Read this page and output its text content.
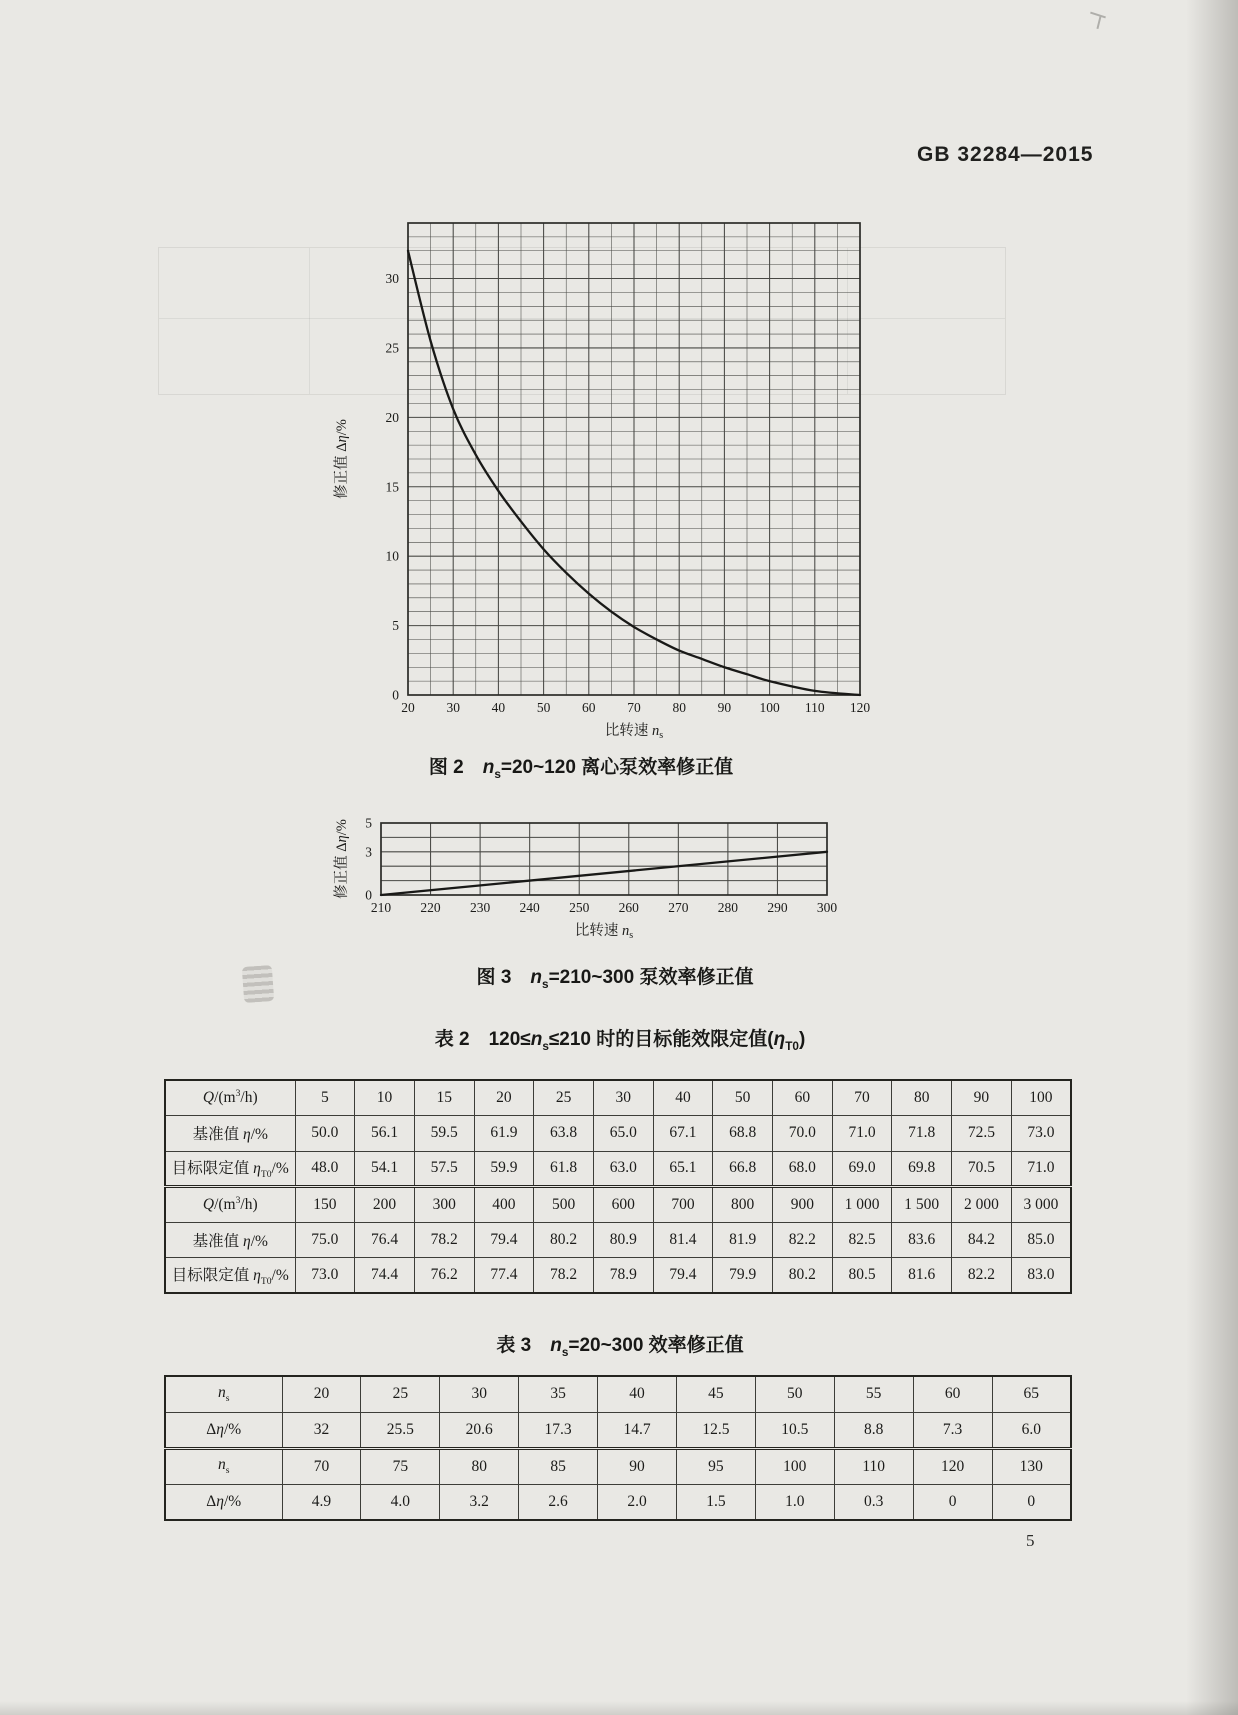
GB 32284—2015
20 30 40 50 60 70 80 90 100 110 120
0
5
10
15
20
25
30
比转速 $n_s$
修正值 Δη/%
图 2　 $n_s=20\sim 120$ 离心泵效率修正值
210 220 230 240 250 260 270 280 290 300
0
3
5
比转速 $n_s$
修正值 Δη/%
图 3　 $n_s=210\sim 300$ 泵效率修正值
表 2　 $120\le n_s\le 210$ 时的目标能效限定值$(\eta_{T0})$
$Q/(m^3/h)$	5	10	15	20	25	30	40	50	60	70	80	90	100
基准值 η/%	50.0	56.1	59.5	61.9	63.8	65.0	67.1	68.8	70.0	71.0	71.8	72.5	73.0
目标限定值 $\eta_{T0}/\%$	48.0	54.1	57.5	59.9	61.8	63.0	65.1	66.8	68.0	69.0	69.8	70.5	71.0
$Q/(m^3/h)$	150	200	300	400	500	600	700	800	900	1 000	1 500	2 000	3 000
基准值 η/%	75.0	76.4	78.2	79.4	80.2	80.9	81.4	81.9	82.2	82.5	83.6	84.2	85.0
目标限定值 $\eta_{T0}/\%$	73.0	74.4	76.2	77.4	78.2	78.9	79.4	79.9	80.2	80.5	81.6	82.2	83.0
表 3　 $n_s=20\sim 300$ 效率修正值
$n_s$	20	25	30	35	40	45	50	55	60	65
Δη/%	32	25.5	20.6	17.3	14.7	12.5	10.5	8.8	7.3	6.0
$n_s$	70	75	80	85	90	95	100	110	120	130
Δη/%	4.9	4.0	3.2	2.6	2.0	1.5	1.0	0.3	0	0
5
